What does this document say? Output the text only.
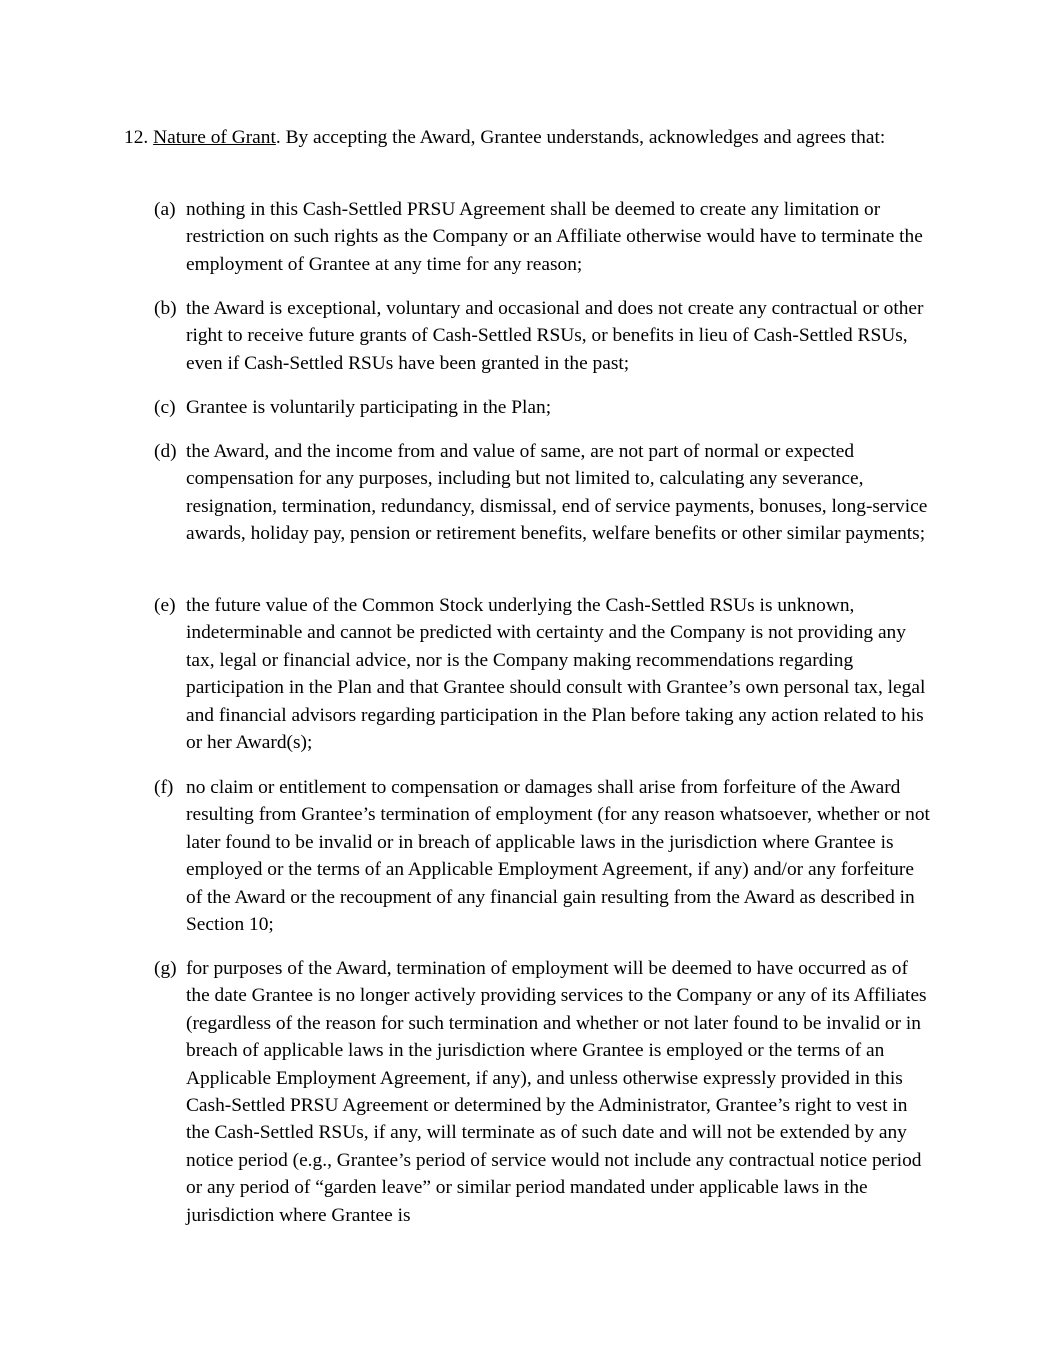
12. Nature of Grant. By accepting the Award, Grantee understands, acknowledges and agrees that:

(a) nothing in this Cash-Settled PRSU Agreement shall be deemed to create any limitation or restriction on such rights as the Company or an Affiliate otherwise would have to terminate the employment of Grantee at any time for any reason;
(b) the Award is exceptional, voluntary and occasional and does not create any contractual or other right to receive future grants of Cash-Settled RSUs, or benefits in lieu of Cash-Settled RSUs, even if Cash-Settled RSUs have been granted in the past;
(c) Grantee is voluntarily participating in the Plan;
(d) the Award, and the income from and value of same, are not part of normal or expected compensation for any purposes, including but not limited to, calculating any severance, resignation, termination, redundancy, dismissal, end of service payments, bonuses, long-service awards, holiday pay, pension or retirement benefits, welfare benefits or other similar payments;
(e) the future value of the Common Stock underlying the Cash-Settled RSUs is unknown, indeterminable and cannot be predicted with certainty and the Company is not providing any tax, legal or financial advice, nor is the Company making recommendations regarding participation in the Plan and that Grantee should consult with Grantee’s own personal tax, legal and financial advisors regarding participation in the Plan before taking any action related to his or her Award(s);
(f) no claim or entitlement to compensation or damages shall arise from forfeiture of the Award resulting from Grantee’s termination of employment (for any reason whatsoever, whether or not later found to be invalid or in breach of applicable laws in the jurisdiction where Grantee is employed or the terms of an Applicable Employment Agreement, if any) and/or any forfeiture of the Award or the recoupment of any financial gain resulting from the Award as described in Section 10;
(g) for purposes of the Award, termination of employment will be deemed to have occurred as of the date Grantee is no longer actively providing services to the Company or any of its Affiliates (regardless of the reason for such termination and whether or not later found to be invalid or in breach of applicable laws in the jurisdiction where Grantee is employed or the terms of an Applicable Employment Agreement, if any), and unless otherwise expressly provided in this Cash-Settled PRSU Agreement or determined by the Administrator, Grantee’s right to vest in the Cash-Settled RSUs, if any, will terminate as of such date and will not be extended by any notice period (e.g., Grantee’s period of service would not include any contractual notice period or any period of “garden leave” or similar period mandated under applicable laws in the jurisdiction where Grantee is
